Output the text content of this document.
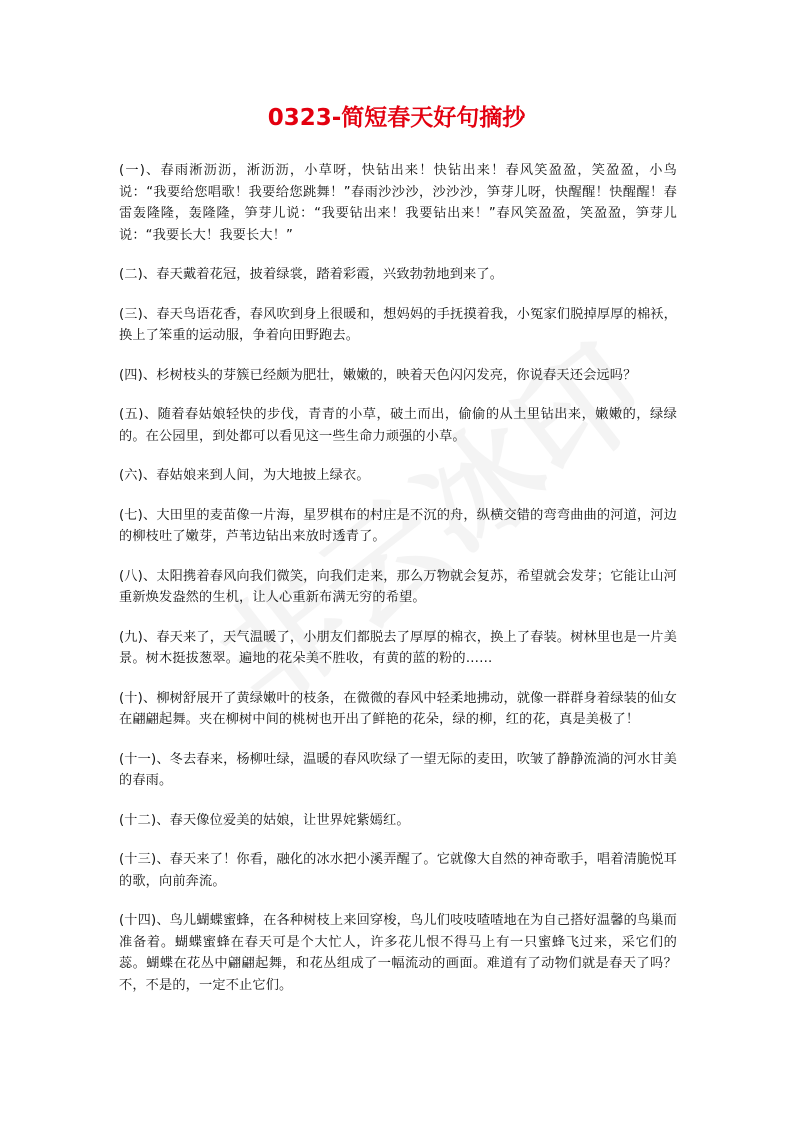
0323-简短春天好句摘抄

(一)、春雨淅沥沥，淅沥沥，小草呀，快钻出来！快钻出来！春风笑盈盈，笑盈盈，小鸟说：“我要给您唱歌！我要给您跳舞！”春雨沙沙沙，沙沙沙，笋芽儿呀，快醒醒！快醒醒！春雷轰隆隆，轰隆隆，笋芽儿说：“我要钻出来！我要钻出来！”春风笑盈盈，笑盈盈，笋芽儿说：“我要长大！我要长大！”

(二)、春天戴着花冠，披着绿裳，踏着彩霞，兴致勃勃地到来了。

(三)、春天鸟语花香，春风吹到身上很暖和，想妈妈的手抚摸着我，小冤家们脱掉厚厚的棉袄，换上了笨重的运动服，争着向田野跑去。

(四)、杉树枝头的芽簇已经颇为肥壮，嫩嫩的，映着天色闪闪发亮，你说春天还会远吗？

(五)、随着春姑娘轻快的步伐，青青的小草，破土而出，偷偷的从土里钻出来，嫩嫩的，绿绿的。在公园里，到处都可以看见这一些生命力顽强的小草。

(六)、春姑娘来到人间，为大地披上绿衣。

(七)、大田里的麦苗像一片海，星罗棋布的村庄是不沉的舟，纵横交错的弯弯曲曲的河道，河边的柳枝吐了嫩芽，芦苇边钻出来放时透青了。

(八)、太阳携着春风向我们微笑，向我们走来，那么万物就会复苏，希望就会发芽；它能让山河重新焕发盎然的生机，让人心重新布满无穷的希望。

(九)、春天来了，天气温暖了，小朋友们都脱去了厚厚的棉衣，换上了春装。树林里也是一片美景。树木挺拔葱翠。遍地的花朵美不胜收，有黄的蓝的粉的……

(十)、柳树舒展开了黄绿嫩叶的枝条，在微微的春风中轻柔地拂动，就像一群群身着绿装的仙女在翩翩起舞。夹在柳树中间的桃树也开出了鲜艳的花朵，绿的柳，红的花，真是美极了！

(十一)、冬去春来，杨柳吐绿，温暖的春风吹绿了一望无际的麦田，吹皱了静静流淌的河水甘美的春雨。

(十二)、春天像位爱美的姑娘，让世界姹紫嫣红。

(十三)、春天来了！你看，融化的冰水把小溪弄醒了。它就像大自然的神奇歌手，唱着清脆悦耳的歌，向前奔流。

(十四)、鸟儿蝴蝶蜜蜂，在各种树枝上来回穿梭，鸟儿们吱吱喳喳地在为自己搭好温馨的鸟巢而准备着。蝴蝶蜜蜂在春天可是个大忙人，许多花儿恨不得马上有一只蜜蜂飞过来，采它们的蕊。蝴蝶在花丛中翩翩起舞，和花丛组成了一幅流动的画面。难道有了动物们就是春天了吗？不，不是的，一定不止它们。
